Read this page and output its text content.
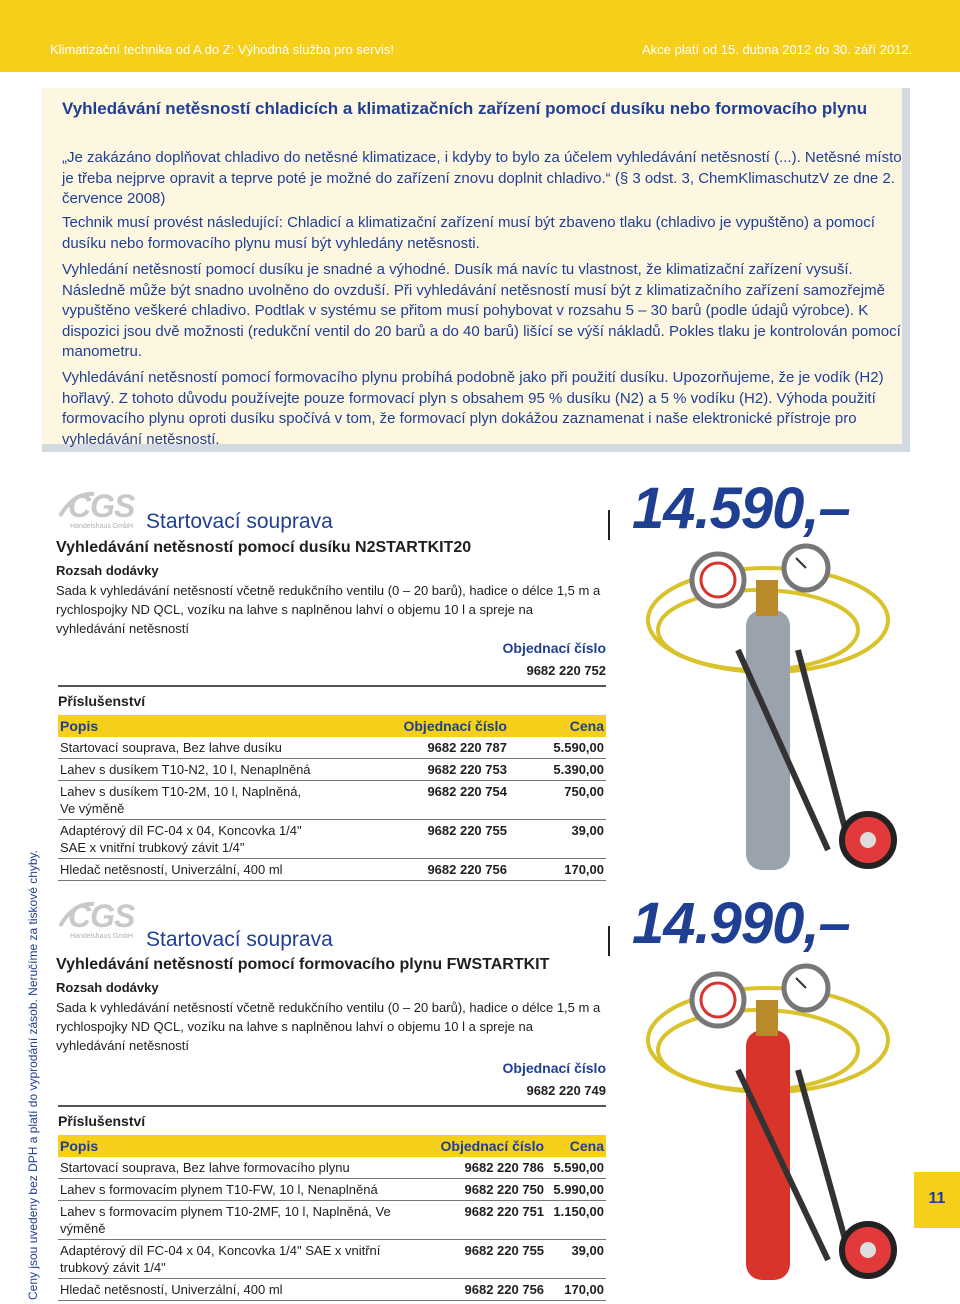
Klimatizační technika od A do Z: Výhodná služba pro servis!	Akce platí od 15. dubna 2012 do 30. září 2012.
Vyhledávání netěsností chladicích a klimatizačních zařízení pomocí dusíku nebo formovacího plynu
„Je zakázáno doplňovat chladivo do netěsné klimatizace, i kdyby to bylo za účelem vyhledávání netěsností (...). Netěsné místo je třeba nejprve opravit a teprve poté je možné do zařízení znovu doplnit chladivo.“ (§ 3 odst. 3, ChemKlimaschutzV ze dne 2. července 2008)
Technik musí provést následující: Chladicí a klimatizační zařízení musí být zbaveno tlaku (chladivo je vypuštěno) a pomocí dusíku nebo formovacího plynu musí být vyhledány netěsnosti.
Vyhledání netěsností pomocí dusíku je snadné a výhodné. Dusík má navíc tu vlastnost, že klimatizační zařízení vysuší. Následně může být snadno uvolněno do ovzduší. Při vyhledávání netěsností musí být z klimatizačního zařízení samozřejmě vypuštěno veškeré chladivo. Podtlak v systému se přitom musí pohybovat v rozsahu 5 – 30 barů (podle údajů výrobce). K dispozici jsou dvě možnosti (redukční ventil do 20 barů a do 40 barů) lišící se výší nákladů. Pokles tlaku je kontrolován pomocí manometru.
Vyhledávání netěsností pomocí formovacího plynu probíhá podobně jako při použití dusíku. Upozorňujeme, že je vodík (H2) hořlavý. Z tohoto důvodu používejte pouze formovací plyn s obsahem 95 % dusíku (N2) a 5 % vodíku (H2). Výhoda použití formovacího plynu oproti dusíku spočívá v tom, že formovací plyn dokážou zaznamenat i naše elektronické přístroje pro vyhledávání netěsností.
Ceny jsou uvedeny bez DPH a platí do vyprodání zásob. Neručíme za tiskové chyby.
CGS
Handelshaus GmbH Startovací souprava
Vyhledávání netěsností pomocí dusíku N2STARTKIT20
Rozsah dodávky
Sada k vyhledávání netěsností včetně redukčního ventilu (0 – 20 barů), hadice o délce 1,5 m a rychlospojky ND QCL, vozíku na lahve s naplněnou lahví o objemu 10 l a spreje na vyhledávání netěsností
14.590,–
Objednací číslo
9682 220 752
Příslušenství
Popis	Objednací číslo	Cena
Startovací souprava, Bez lahve dusíku	9682 220 787	5.590,00
Lahev s dusíkem T10-N2, 10 l, Nenaplněná	9682 220 753	5.390,00
Lahev s dusíkem T10-2M, 10 l, Naplněná, Ve výměně	9682 220 754	750,00
Adaptérový díl FC-04 x 04, Koncovka 1/4" SAE x vnitřní trubkový závit 1/4"	9682 220 755	39,00
Hledač netěsností, Univerzální, 400 ml	9682 220 756	170,00
CGS
Handelshaus GmbH Startovací souprava
Vyhledávání netěsností pomocí formovacího plynu FWSTARTKIT
Rozsah dodávky
Sada k vyhledávání netěsností včetně redukčního ventilu (0 – 20 barů), hadice o délce 1,5 m a rychlospojky ND QCL, vozíku na lahve s naplněnou lahví o objemu 10 l a spreje na vyhledávání netěsností
14.990,–
Objednací číslo
9682 220 749
Příslušenství
Popis	Objednací číslo	Cena
Startovací souprava, Bez lahve formovacího plynu	9682 220 786	5.590,00
Lahev s formovacím plynem T10-FW, 10 l, Nenaplněná	9682 220 750	5.990,00
Lahev s formovacím plynem T10-2MF, 10 l, Naplněná, Ve výměně	9682 220 751	1.150,00
Adaptérový díl FC-04 x 04, Koncovka 1/4" SAE x vnitřní trubkový závit 1/4"	9682 220 755	39,00
Hledač netěsností, Univerzální, 400 ml	9682 220 756	170,00
11
